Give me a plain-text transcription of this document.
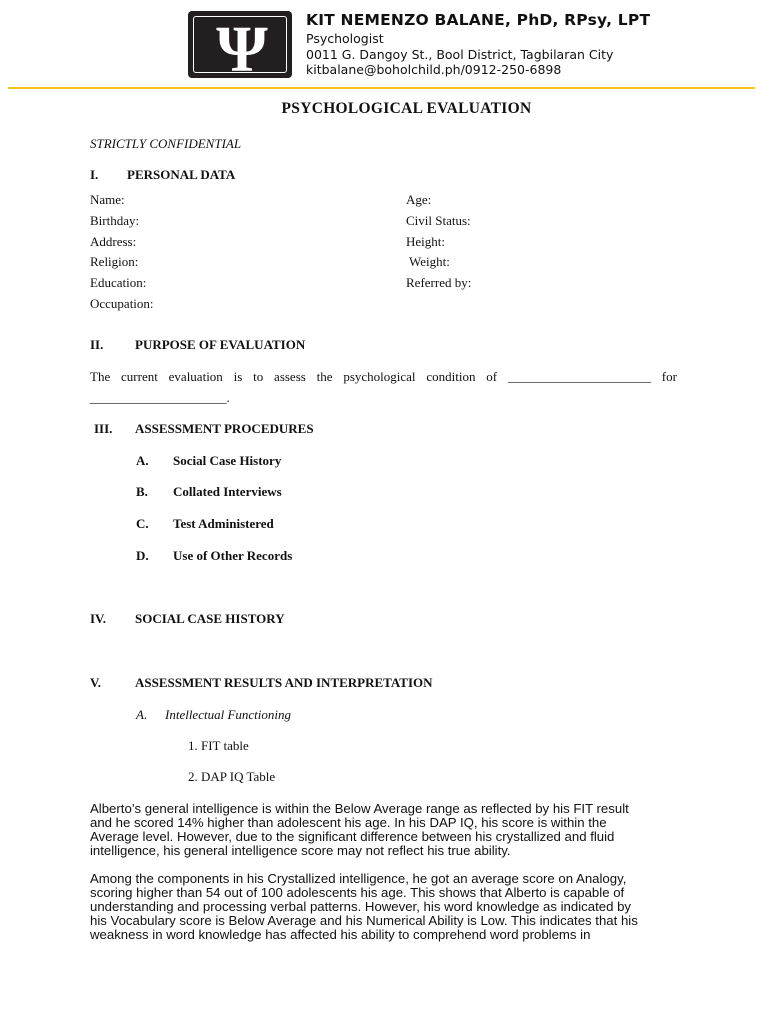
Ψ KIT NEMENZO BALANE, PhD, RPsy, LPT
Psychologist
0011 G. Dangoy St., Bool District, Tagbilaran City
kitbalane@boholchild.ph/0912-250-6898
PSYCHOLOGICAL EVALUATION
STRICTLY CONFIDENTIAL
I. PERSONAL DATA
Name:
Birthday:
Address:
Religion:
Education:
Occupation:
Age:
Civil Status:
Height:
Weight:
Referred by:
II. PURPOSE OF EVALUATION
The current evaluation is to assess the psychological condition of ______________________ for
_____________________.
III. ASSESSMENT PROCEDURES
A. Social Case History
B. Collated Interviews
C. Test Administered
D. Use of Other Records
IV. SOCIAL CASE HISTORY
V.	ASSESSMENT RESULTS AND INTERPRETATION
A. Intellectual Functioning
1. FIT table
2. DAP IQ Table
Alberto’s general intelligence is within the Below Average range as reflected by his FIT result
and he scored 14% higher than adolescent his age. In his DAP IQ, his score is within the
Average level. However, due to the significant difference between his crystallized and fluid
intelligence, his general intelligence score may not reflect his true ability.
Among the components in his Crystallized intelligence, he got an average score on Analogy,
scoring higher than 54 out of 100 adolescents his age. This shows that Alberto is capable of
understanding and processing verbal patterns. However, his word knowledge as indicated by
his Vocabulary score is Below Average and his Numerical Ability is Low. This indicates that his
weakness in word knowledge has affected his ability to comprehend word problems in
